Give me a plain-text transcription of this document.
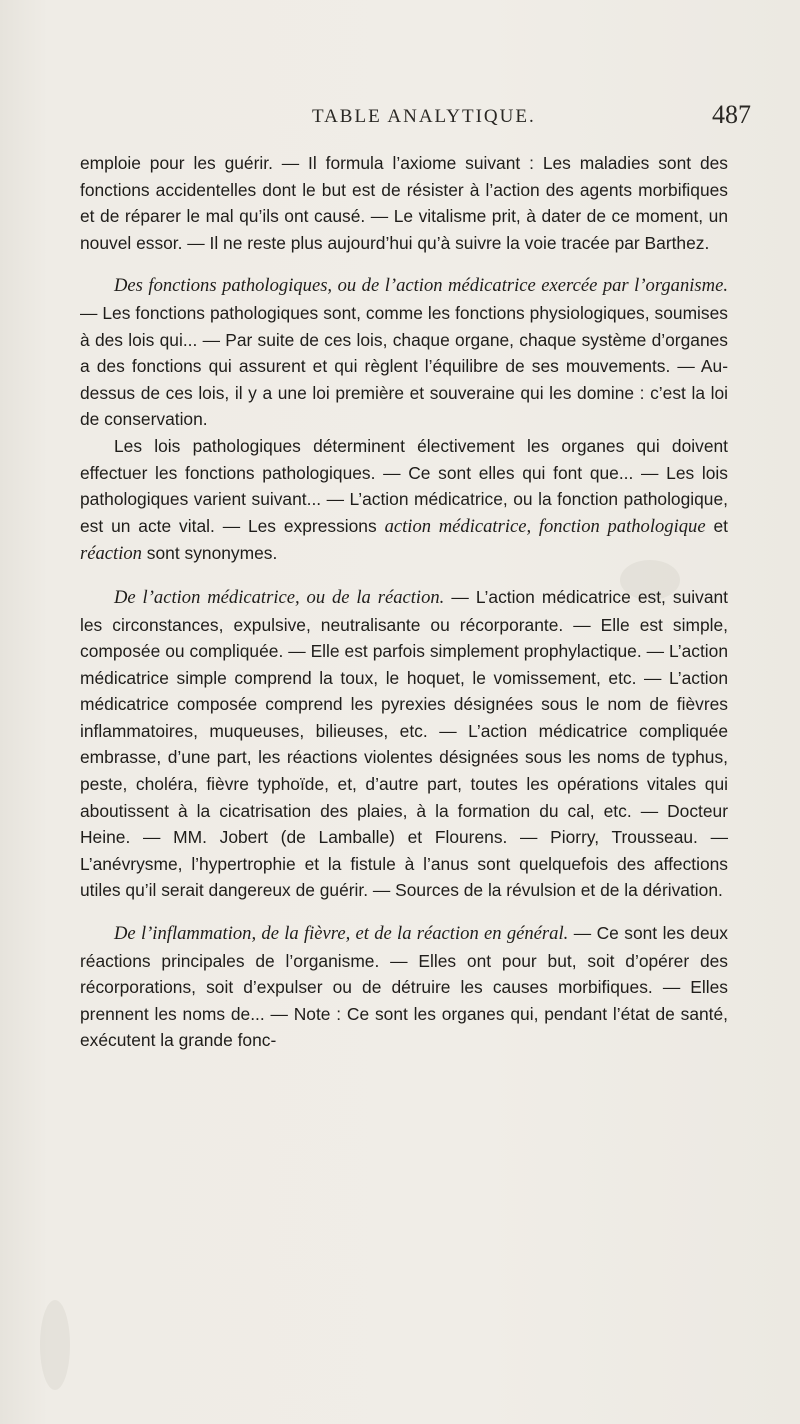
TABLE ANALYTIQUE.	487

emploie pour les guérir. — Il formula l’axiome suivant : Les maladies sont des fonctions accidentelles dont le but est de résister à l’action des agents morbifiques et de réparer le mal qu’ils ont causé. — Le vitalisme prit, à dater de ce moment, un nouvel essor. — Il ne reste plus aujourd’hui qu’à suivre la voie tracée par Barthez.

Des fonctions pathologiques, ou de l’action médicatrice exercée par l’organisme. — Les fonctions pathologiques sont, comme les fonctions physiologiques, soumises à des lois qui... — Par suite de ces lois, chaque organe, chaque système d’organes a des fonctions qui assurent et qui règlent l’équilibre de ses mouvements. — Au-dessus de ces lois, il y a une loi première et souveraine qui les domine : c’est la loi de conservation.

Les lois pathologiques déterminent électivement les organes qui doivent effectuer les fonctions pathologiques. — Ce sont elles qui font que... — Les lois pathologiques varient suivant... — L’action médicatrice, ou la fonction pathologique, est un acte vital. — Les expressions action médicatrice, fonction pathologique et réaction sont synonymes.

De l’action médicatrice, ou de la réaction. — L’action médicatrice est, suivant les circonstances, expulsive, neutralisante ou récorporante. — Elle est simple, composée ou compliquée. — Elle est parfois simplement prophylactique. — L’action médicatrice simple comprend la toux, le hoquet, le vomissement, etc. — L’action médicatrice composée comprend les pyrexies désignées sous le nom de fièvres inflammatoires, muqueuses, bilieuses, etc. — L’action médicatrice compliquée embrasse, d’une part, les réactions violentes désignées sous les noms de typhus, peste, choléra, fièvre typhoïde, et, d’autre part, toutes les opérations vitales qui aboutissent à la cicatrisation des plaies, à la formation du cal, etc. — Docteur Heine. — MM. Jobert (de Lamballe) et Flourens. — Piorry, Trousseau. — L’anévrysme, l’hypertrophie et la fistule à l’anus sont quelquefois des affections utiles qu’il serait dangereux de guérir. — Sources de la révulsion et de la dérivation.

De l’inflammation, de la fièvre, et de la réaction en général. — Ce sont les deux réactions principales de l’organisme. — Elles ont pour but, soit d’opérer des récorporations, soit d’expulser ou de détruire les causes morbifiques. — Elles prennent les noms de... — Note : Ce sont les organes qui, pendant l’état de santé, exécutent la grande fonc-
